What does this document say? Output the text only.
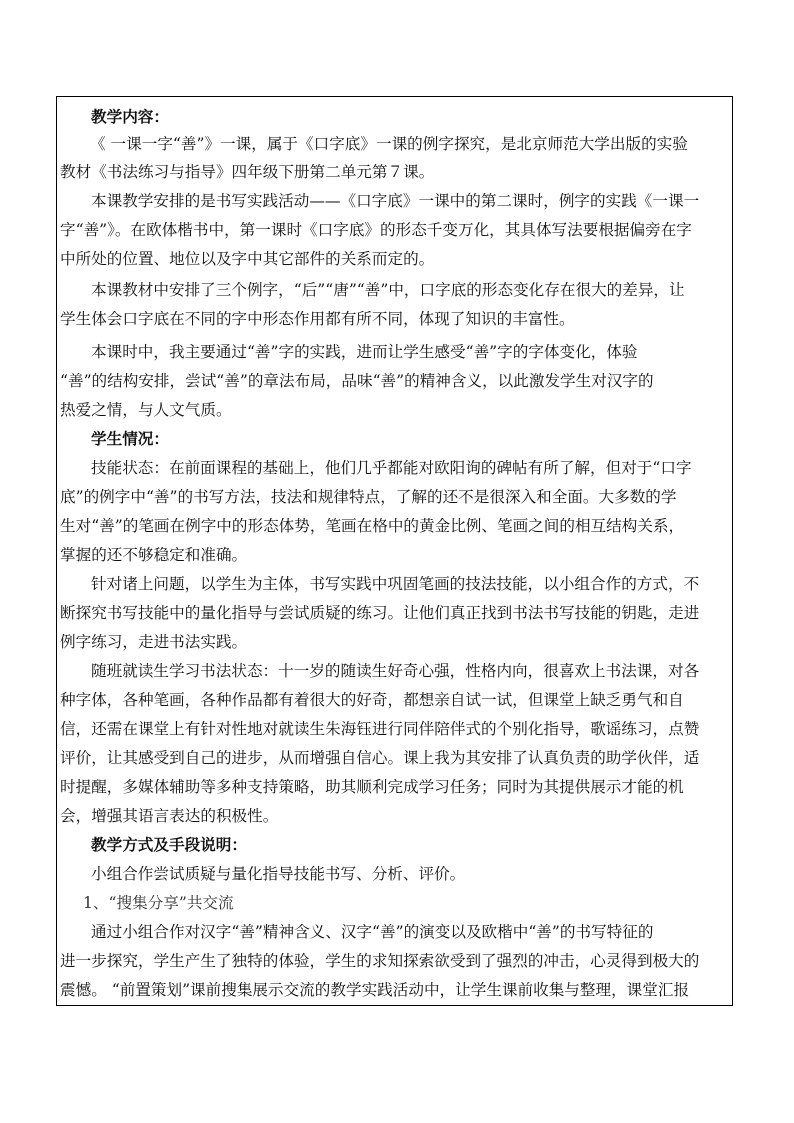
教学内容：
《 一课一字“善”》一课，属于《口字底》一课的例字探究，是北京师范大学出版的实验
教材《书法练习与指导》四年级下册第二单元第７课。
本课教学安排的是书写实践活动——《口字底》一课中的第二课时，例字的实践《一课一
字“善”》。在欧体楷书中，第一课时《口字底》的形态千变万化，其具体写法要根据偏旁在字
中所处的位置、地位以及字中其它部件的关系而定的。
本课教材中安排了三个例字，“后”“唐”“善”中，口字底的形态变化存在很大的差异，让
学生体会口字底在不同的字中形态作用都有所不同，体现了知识的丰富性。
本课时中，我主要通过“善”字的实践，进而让学生感受“善”字的字体变化，体验
“善”的结构安排，尝试“善”的章法布局，品味“善”的精神含义，以此激发学生对汉字的
热爱之情，与人文气质。
学生情况：
技能状态：在前面课程的基础上，他们几乎都能对欧阳询的碑帖有所了解，但对于“口字
底”的例字中“善”的书写方法，技法和规律特点，了解的还不是很深入和全面。大多数的学
生对“善”的笔画在例字中的形态体势，笔画在格中的黄金比例、笔画之间的相互结构关系，
掌握的还不够稳定和准确。
针对诸上问题，以学生为主体，书写实践中巩固笔画的技法技能，以小组合作的方式，不
断探究书写技能中的量化指导与尝试质疑的练习。让他们真正找到书法书写技能的钥匙，走进
例字练习，走进书法实践。
随班就读生学习书法状态：十一岁的随读生好奇心强，性格内向，很喜欢上书法课，对各
种字体，各种笔画，各种作品都有着很大的好奇，都想亲自试一试，但课堂上缺乏勇气和自
信，还需在课堂上有针对性地对就读生朱海钰进行同伴陪伴式的个别化指导，歌谣练习，点赞
评价，让其感受到自己的进步，从而增强自信心。课上我为其安排了认真负责的助学伙伴，适
时提醒，多媒体辅助等多种支持策略，助其顺利完成学习任务；同时为其提供展示才能的机
会，增强其语言表达的积极性。
教学方式及手段说明：
小组合作尝试质疑与量化指导技能书写、分析、评价。
1、“搜集分享”共交流
通过小组合作对汉字“善”精神含义、汉字“善”的演变以及欧楷中“善”的书写特征的
进一步探究，学生产生了独特的体验，学生的求知探索欲受到了强烈的冲击，心灵得到极大的
震憾。 “前置策划”课前搜集展示交流的教学实践活动中，让学生课前收集与整理，课堂汇报
